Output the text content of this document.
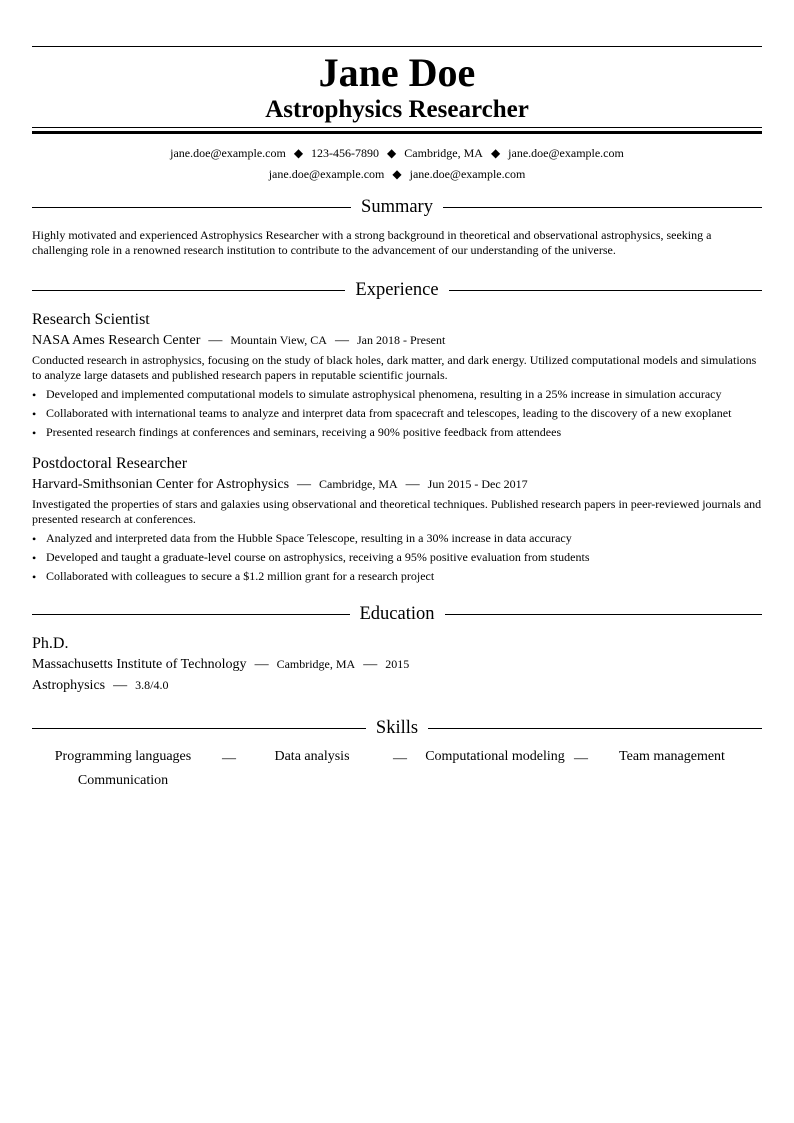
Jane Doe
Astrophysics Researcher
jane.doe@example.com ◆ 123-456-7890 ◆ Cambridge, MA ◆ jane.doe@example.com
jane.doe@example.com ◆ jane.doe@example.com
Summary
Highly motivated and experienced Astrophysics Researcher with a strong background in theoretical and observational astrophysics, seeking a challenging role in a renowned research institution to contribute to the advancement of our understanding of the universe.
Experience
Research Scientist
NASA Ames Research Center — Mountain View, CA — Jan 2018 - Present
Conducted research in astrophysics, focusing on the study of black holes, dark matter, and dark energy. Utilized computational models and simulations to analyze large datasets and published research papers in reputable scientific journals.
• Developed and implemented computational models to simulate astrophysical phenomena, resulting in a 25% increase in simulation accuracy
• Collaborated with international teams to analyze and interpret data from spacecraft and telescopes, leading to the discovery of a new exoplanet
• Presented research findings at conferences and seminars, receiving a 90% positive feedback from attendees
Postdoctoral Researcher
Harvard-Smithsonian Center for Astrophysics — Cambridge, MA — Jun 2015 - Dec 2017
Investigated the properties of stars and galaxies using observational and theoretical techniques. Published research papers in peer-reviewed journals and presented research at conferences.
• Analyzed and interpreted data from the Hubble Space Telescope, resulting in a 30% increase in data accuracy
• Developed and taught a graduate-level course on astrophysics, receiving a 95% positive evaluation from students
• Collaborated with colleagues to secure a $1.2 million grant for a research project
Education
Ph.D.
Massachusetts Institute of Technology — Cambridge, MA — 2015
Astrophysics — 3.8/4.0
Skills
Programming languages	—	Data analysis	—	Computational modeling —	Team management
Communication
